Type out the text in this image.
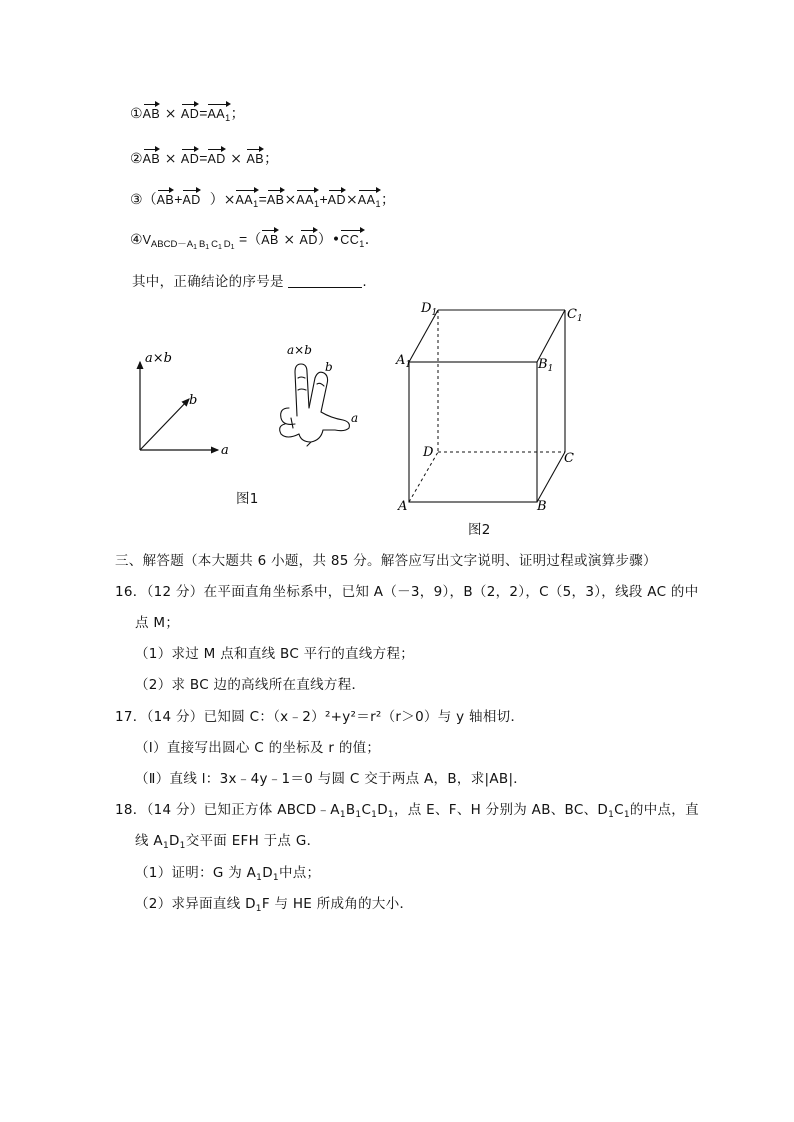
①AB × $AD=AA_1$；
②AB × AD=AD × AB；
③（AB+AD ）$\times AA_1=AB\times AA_1+AD\times AA_1$；
$④V_{ABCD-A_1 B_1 C_1 D_1} =(AB$ × $AD)•CC_1$.
其中，正确结论的序号是	.
a×b
b
a
a×b
b
a
图1
$D_1$	$C_1$
$A_1$	$B_1$
D	C
A	B
图2
三、解答题（本大题共 6 小题，共 85 分。解答应写出文字说明、证明过程或演算步骤）
16．（12 分）在平面直角坐标系中，已知 A（－3，9），B（2，2），C（5，3），线段 AC 的中
点 M；
（1）求过 M 点和直线 BC 平行的直线方程；
（2）求 BC 边的高线所在直线方程．
17．（14 分）已知圆 C：（x﹣2）²+y²＝r²（r＞0）与 y 轴相切．
（Ⅰ）直接写出圆心 C 的坐标及 r 的值；
（Ⅱ）直线 l：3x﹣4y﹣1＝0 与圆 C 交于两点 A，B，求|AB|．
18．（14 分）已知正方体 $ABCD﹣A_1B_1C_1D_1$，点 E、F、H 分别为 AB、BC、$D_1C_1$的中点，直
线 $A_1D_1$交平面 EFH 于点 G．
（1）证明：G 为 $A_1D_1$中点；
（2）求异面直线 $D_1F$ 与 HE 所成角的大小．
